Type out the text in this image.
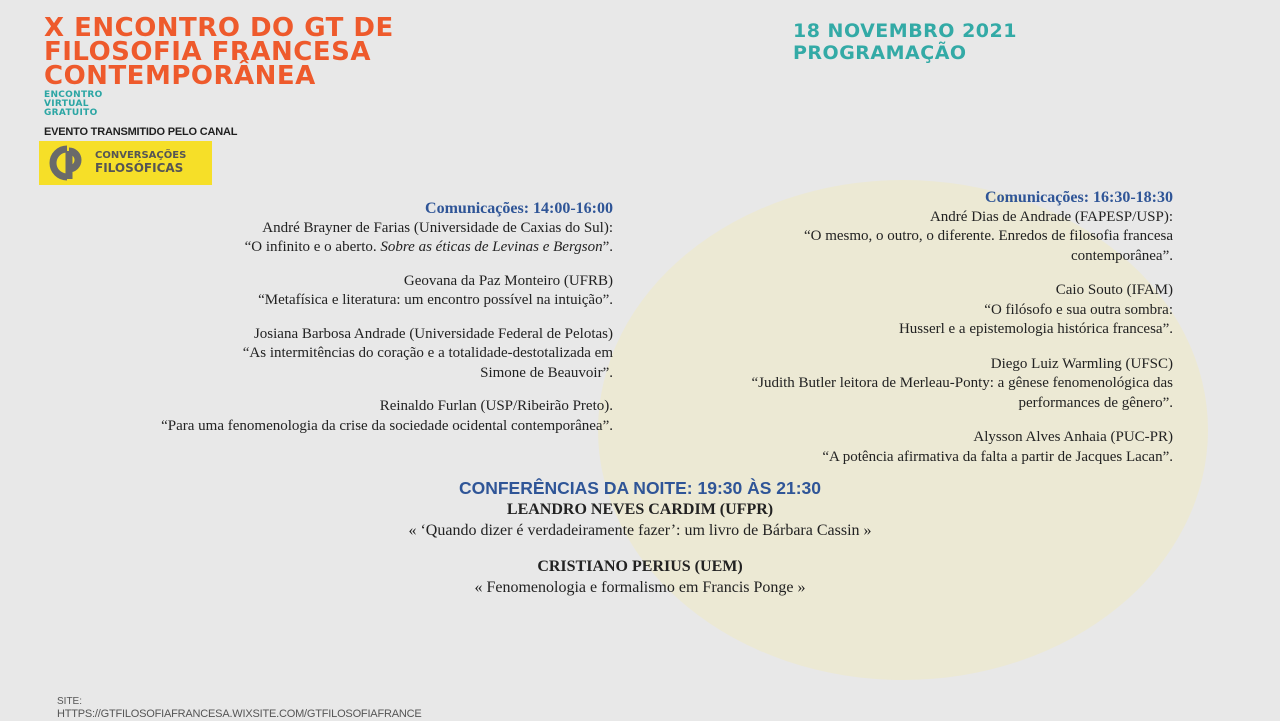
X ENCONTRO DO GT DE
FILOSOFIA FRANCESA
CONTEMPORÂNEA
ENCONTRO
VIRTUAL
GRATUITO
EVENTO TRANSMITIDO PELO CANAL
CONVERSAÇÕES
FILOSÓFICAS
18 NOVEMBRO 2021
PROGRAMAÇÃO
Comunicações: 14:00-16:00
André Brayner de Farias (Universidade de Caxias do Sul):
“O infinito e o aberto. Sobre as éticas de Levinas e Bergson”.
Geovana da Paz Monteiro (UFRB)
“Metafísica e literatura: um encontro possível na intuição”.
Josiana Barbosa Andrade (Universidade Federal de Pelotas)
“As intermitências do coração e a totalidade-destotalizada em
Simone de Beauvoir”.
Reinaldo Furlan (USP/Ribeirão Preto).
“Para uma fenomenologia da crise da sociedade ocidental contemporânea”.
Comunicações: 16:30-18:30
André Dias de Andrade (FAPESP/USP):
“O mesmo, o outro, o diferente. Enredos de filosofia francesa
contemporânea”.
Caio Souto (IFAM)
“O filósofo e sua outra sombra:
Husserl e a epistemologia histórica francesa”.
Diego Luiz Warmling (UFSC)
“Judith Butler leitora de Merleau-Ponty: a gênese fenomenológica das
performances de gênero”.
Alysson Alves Anhaia (PUC-PR)
“A potência afirmativa da falta a partir de Jacques Lacan”.
CONFERÊNCIAS DA NOITE: 19:30 ÀS 21:30
LEANDRO NEVES CARDIM (UFPR)
« ‘Quando dizer é verdadeiramente fazer’: um livro de Bárbara Cassin »
CRISTIANO PERIUS (UEM)
« Fenomenologia e formalismo em Francis Ponge »
SITE:
HTTPS://GTFILOSOFIAFRANCESA.WIXSITE.COM/GTFILOSOFIAFRANCE
